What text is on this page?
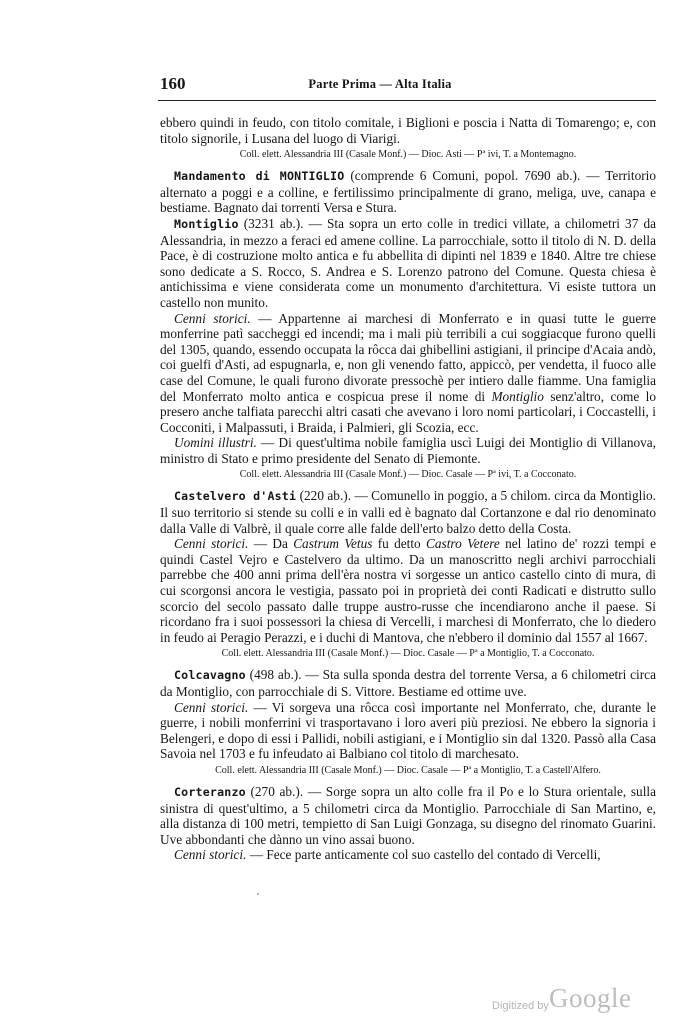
160	Parte Prima — Alta Italia

ebbero quindi in feudo, con titolo comitale, i Biglioni e poscia i Natta di Tomarengo; e, con titolo signorile, i Lusana del luogo di Viarigi.

Coll. elett. Alessandria III (Casale Monf.) — Dioc. Asti — Pª ivi, T. a Montemagno.

Mandamento di MONTIGLIO (comprende 6 Comuni, popol. 7690 ab.). — Territorio alternato a poggi e a colline, e fertilissimo principalmente di grano, meliga, uve, canapa e bestiame. Bagnato dai torrenti Versa e Stura.

Montiglio (3231 ab.). — Sta sopra un erto colle in tredici villate, a chilometri 37 da Alessandria, in mezzo a feraci ed amene colline. La parrocchiale, sotto il titolo di N. D. della Pace, è di costruzione molto antica e fu abbellita di dipinti nel 1839 e 1840. Altre tre chiese sono dedicate a S. Rocco, S. Andrea e S. Lorenzo patrono del Comune. Questa chiesa è antichissima e viene considerata come un monumento d'architettura. Vi esiste tuttora un castello non munito.

Cenni storici. — Appartenne ai marchesi di Monferrato e in quasi tutte le guerre monferrine patì saccheggi ed incendi; ma i mali più terribili a cui soggiacque furono quelli del 1305, quando, essendo occupata la rôcca dai ghibellini astigiani, il principe d'Acaia andò, coi guelfi d'Asti, ad espugnarla, e, non gli venendo fatto, appiccò, per vendetta, il fuoco alle case del Comune, le quali furono divorate pressochè per intiero dalle fiamme. Una famiglia del Monferrato molto antica e cospicua prese il nome di Montiglio senz'altro, come lo presero anche talfiata parecchi altri casati che avevano i loro nomi particolari, i Coccastelli, i Cocconiti, i Malpassuti, i Braida, i Palmieri, gli Scozia, ecc.

Uomini illustri. — Di quest'ultima nobile famiglia uscì Luigi dei Montiglio di Villanova, ministro di Stato e primo presidente del Senato di Piemonte.

Coll. elett. Alessandria III (Casale Monf.) — Dioc. Casale — Pª ivi, T. a Cocconato.

Castelvero d'Asti (220 ab.). — Comunello in poggio, a 5 chilom. circa da Montiglio. Il suo territorio si stende su colli e in valli ed è bagnato dal Cortanzone e dal rio denominato dalla Valle di Valbrè, il quale corre alle falde dell'erto balzo detto della Costa.

Cenni storici. — Da Castrum Vetus fu detto Castro Vetere nel latino de' rozzi tempi e quindi Castel Vejro e Castelvero da ultimo. Da un manoscritto negli archivi parrocchiali parrebbe che 400 anni prima dell'èra nostra vi sorgesse un antico castello cinto di mura, di cui scorgonsi ancora le vestigia, passato poi in proprietà dei conti Radicati e distrutto sullo scorcio del secolo passato dalle truppe austro-russe che incendiarono anche il paese. Si ricordano fra i suoi possessori la chiesa di Vercelli, i marchesi di Monferrato, che lo diedero in feudo ai Peragio Perazzi, e i duchi di Mantova, che n'ebbero il dominio dal 1557 al 1667.

Coll. elett. Alessandria III (Casale Monf.) — Dioc. Casale — Pª a Montiglio, T. a Cocconato.

Colcavagno (498 ab.). — Sta sulla sponda destra del torrente Versa, a 6 chilometri circa da Montiglio, con parrocchiale di S. Vittore. Bestiame ed ottime uve.

Cenni storici. — Vi sorgeva una rôcca così importante nel Monferrato, che, durante le guerre, i nobili monferrini vi trasportavano i loro averi più preziosi. Ne ebbero la signoria i Belengeri, e dopo di essi i Pallidi, nobili astigiani, e i Montiglio sin dal 1320. Passò alla Casa Savoia nel 1703 e fu infeudato ai Balbiano col titolo di marchesato.

Coll. elett. Alessandria III (Casale Monf.) — Dioc. Casale — Pª a Montiglio, T. a Castell'Alfero.

Corteranzo (270 ab.). — Sorge sopra un alto colle fra il Po e lo Stura orientale, sulla sinistra di quest'ultimo, a 5 chilometri circa da Montiglio. Parrocchiale di San Martino, e, alla distanza di 100 metri, tempietto di San Luigi Gonzaga, su disegno del rinomato Guarini. Uve abbondanti che dànno un vino assai buono.

Cenni storici. — Fece parte anticamente col suo castello del contado di Vercelli,

Digitized by Google
